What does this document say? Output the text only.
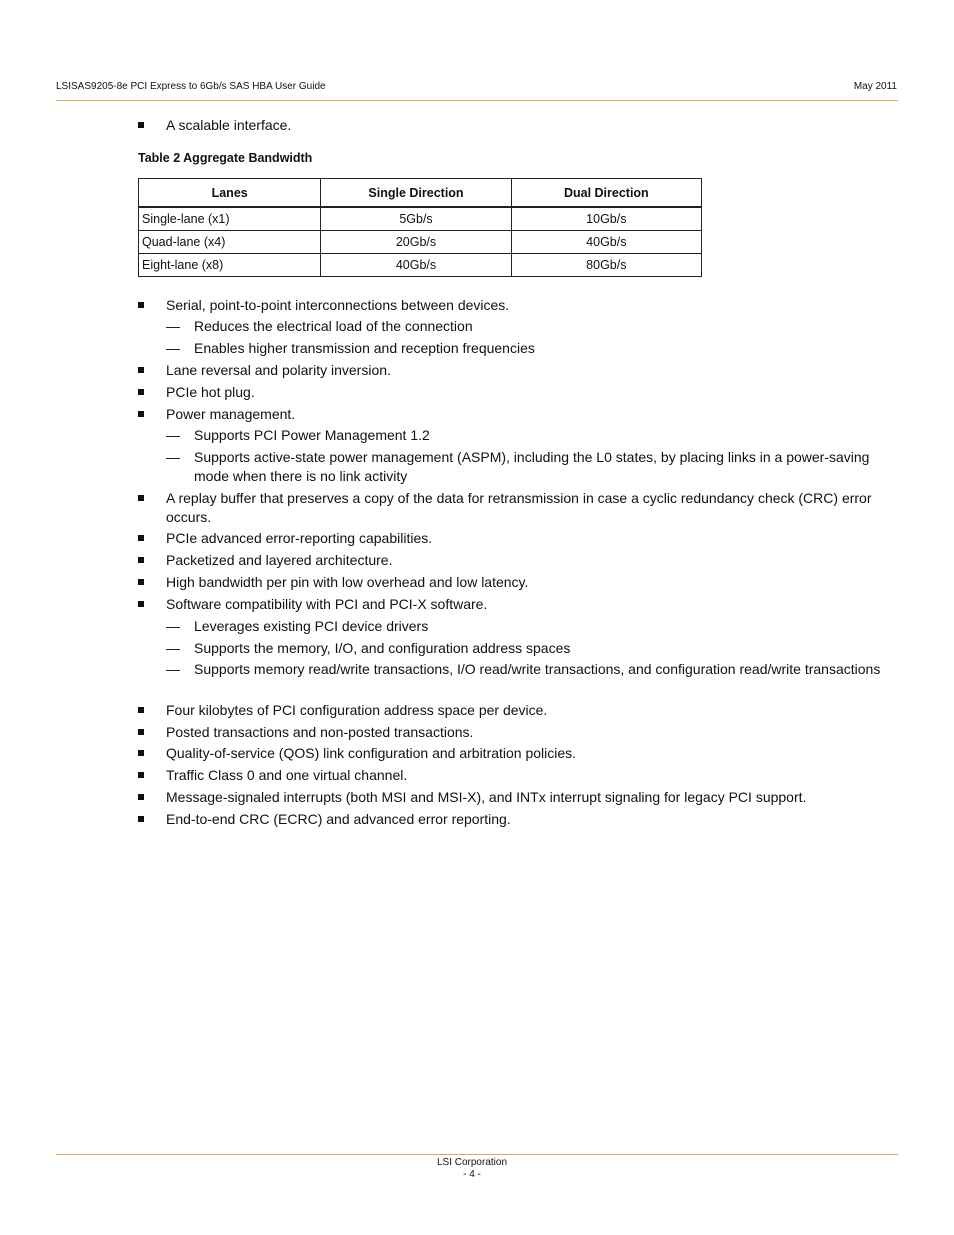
LSISAS9205-8e PCI Express to 6Gb/s SAS HBA User Guide	May 2011
A scalable interface.
Table 2 Aggregate Bandwidth
Lanes	Single Direction	Dual Direction
Single-lane (x1)	5Gb/s	10Gb/s
Quad-lane (x4)	20Gb/s	40Gb/s
Eight-lane (x8)	40Gb/s	80Gb/s
Serial, point-to-point interconnections between devices.
— Reduces the electrical load of the connection
— Enables higher transmission and reception frequencies
Lane reversal and polarity inversion.
PCIe hot plug.
Power management.
— Supports PCI Power Management 1.2
— Supports active-state power management (ASPM), including the L0 states, by placing links in a power-saving mode when there is no link activity
A replay buffer that preserves a copy of the data for retransmission in case a cyclic redundancy check (CRC) error occurs.
PCIe advanced error-reporting capabilities.
Packetized and layered architecture.
High bandwidth per pin with low overhead and low latency.
Software compatibility with PCI and PCI-X software.
— Leverages existing PCI device drivers
— Supports the memory, I/O, and configuration address spaces
— Supports memory read/write transactions, I/O read/write transactions, and configuration read/write transactions
Four kilobytes of PCI configuration address space per device.
Posted transactions and non-posted transactions.
Quality-of-service (QOS) link configuration and arbitration policies.
Traffic Class 0 and one virtual channel.
Message-signaled interrupts (both MSI and MSI-X), and INTx interrupt signaling for legacy PCI support.
End-to-end CRC (ECRC) and advanced error reporting.
LSI Corporation
- 4 -
